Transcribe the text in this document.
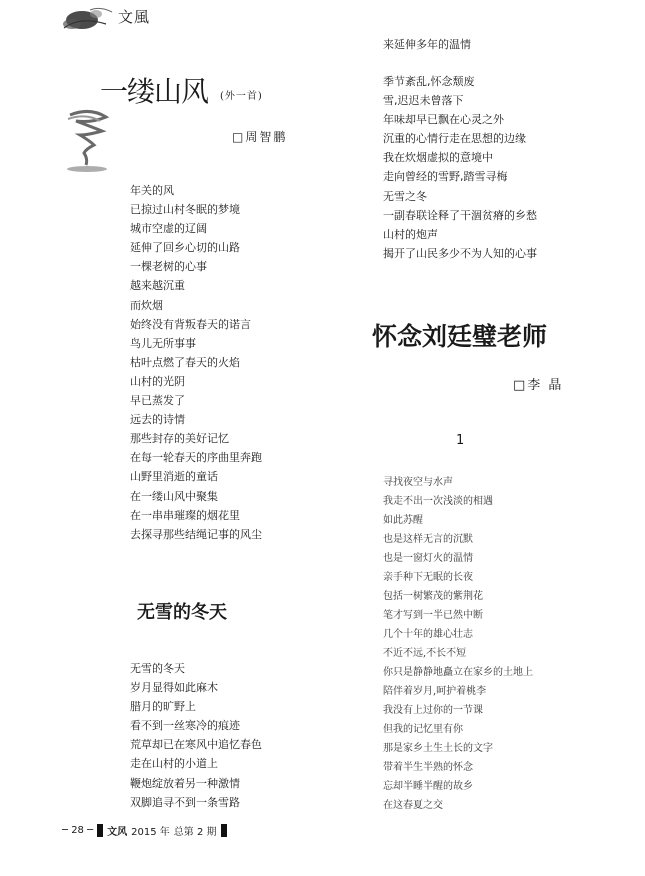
文風
一缕山风 (外一首)
□周智鹏
年关的风
已掠过山村冬眠的梦境
城市空虚的辽阔
延伸了回乡心切的山路
一棵老树的心事
越来越沉重
而炊烟
始终没有背叛春天的诺言
鸟儿无所事事
枯叶点燃了春天的火焰
山村的光阴
早已蒸发了
远去的诗情
那些封存的美好记忆
在每一轮春天的序曲里奔跑
山野里消逝的童话
在一缕山风中聚集
在一串串璀璨的烟花里
去探寻那些结绳记事的风尘
无雪的冬天
无雪的冬天
岁月显得如此麻木
腊月的旷野上
看不到一丝寒冷的痕迹
荒草却已在寒风中追忆春色
走在山村的小道上
鞭炮绽放着另一种激情
双脚追寻不到一条雪路
来延伸多年的温情
季节紊乱,怀念颓废
雪,迟迟未曾落下
年味却早已飘在心灵之外
沉重的心情行走在思想的边缘
我在炊烟虚拟的意境中
走向曾经的雪野,踏雪寻梅
无雪之冬
一副春联诠释了干涸贫瘠的乡愁
山村的炮声
揭开了山民多少不为人知的心事
怀念刘廷璧老师
□李 晶
1
寻找夜空与水声
我走不出一次浅淡的相遇
如此苏醒
也是这样无言的沉默
也是一窗灯火的温情
亲手种下无眠的长夜
包括一树繁茂的紫荆花
笔才写到一半已然中断
几个十年的雄心壮志
不近不远,不长不短
你只是静静地矗立在家乡的土地上
陪伴着岁月,呵护着桃李
我没有上过你的一节课
但我的记忆里有你
那是家乡土生土长的文字
带着半生半熟的怀念
忘却半睡半醒的故乡
在这春夏之交
─ 28 ─ 文风 2015 年 总第 2 期
